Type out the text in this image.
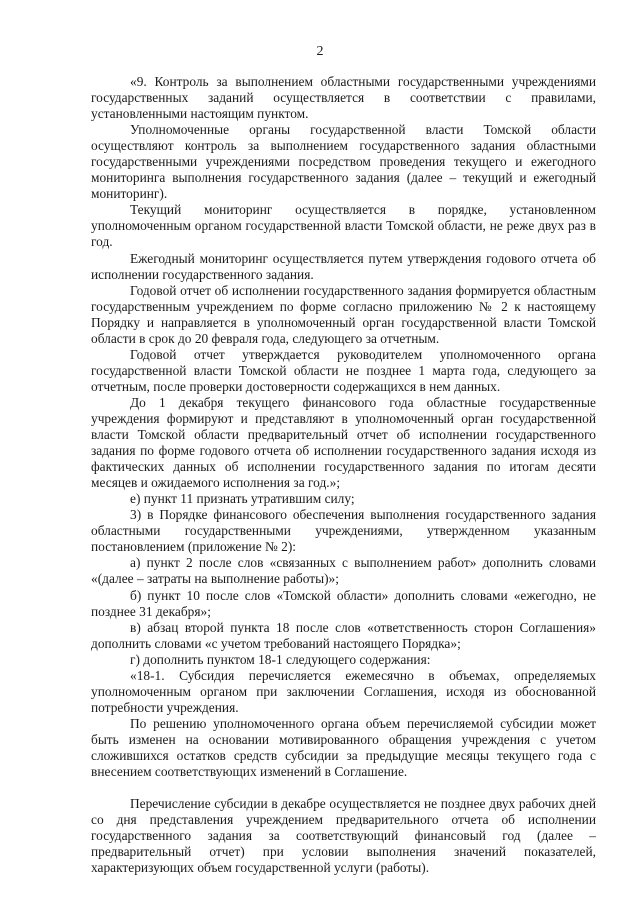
2

«9. Контроль за выполнением областными государственными учреждениями государственных заданий осуществляется в соответствии с правилами, установленными настоящим пунктом.

Уполномоченные органы государственной власти Томской области осуществляют контроль за выполнением государственного задания областными государственными учреждениями посредством проведения текущего и ежегодного мониторинга выполнения государственного задания (далее – текущий и ежегодный мониторинг).

Текущий мониторинг осуществляется в порядке, установленном уполномоченным органом государственной власти Томской области, не реже двух раз в год.

Ежегодный мониторинг осуществляется путем утверждения годового отчета об исполнении государственного задания.

Годовой отчет об исполнении государственного задания формируется областным государственным учреждением по форме согласно приложению № 2 к настоящему Порядку и направляется в уполномоченный орган государственной власти Томской области в срок до 20 февраля года, следующего за отчетным.

Годовой отчет утверждается руководителем уполномоченного органа государственной власти Томской области не позднее 1 марта года, следующего за отчетным, после проверки достоверности содержащихся в нем данных.

До 1 декабря текущего финансового года областные государственные учреждения формируют и представляют в уполномоченный орган государственной власти Томской области предварительный отчет об исполнении государственного задания по форме годового отчета об исполнении государственного задания исходя из фактических данных об исполнении государственного задания по итогам десяти месяцев и ожидаемого исполнения за год.»;

е) пункт 11 признать утратившим силу;

3) в Порядке финансового обеспечения выполнения государственного задания областными государственными учреждениями, утвержденном указанным постановлением (приложение № 2):

а) пункт 2 после слов «связанных с выполнением работ» дополнить словами «(далее – затраты на выполнение работы)»;

б) пункт 10 после слов «Томской области» дополнить словами «ежегодно, не позднее 31 декабря»;

в) абзац второй пункта 18 после слов «ответственность сторон Соглашения» дополнить словами «с учетом требований настоящего Порядка»;

г) дополнить пунктом 18-1 следующего содержания:

«18-1. Субсидия перечисляется ежемесячно в объемах, определяемых уполномоченным органом при заключении Соглашения, исходя из обоснованной потребности учреждения.

По решению уполномоченного органа объем перечисляемой субсидии может быть изменен на основании мотивированного обращения учреждения с учетом сложившихся остатков средств субсидии за предыдущие месяцы текущего года с внесением соответствующих изменений в Соглашение.

Перечисление субсидии в декабре осуществляется не позднее двух рабочих дней со дня представления учреждением предварительного отчета об исполнении государственного задания за соответствующий финансовый год (далее – предварительный отчет) при условии выполнения значений показателей, характеризующих объем государственной услуги (работы).
